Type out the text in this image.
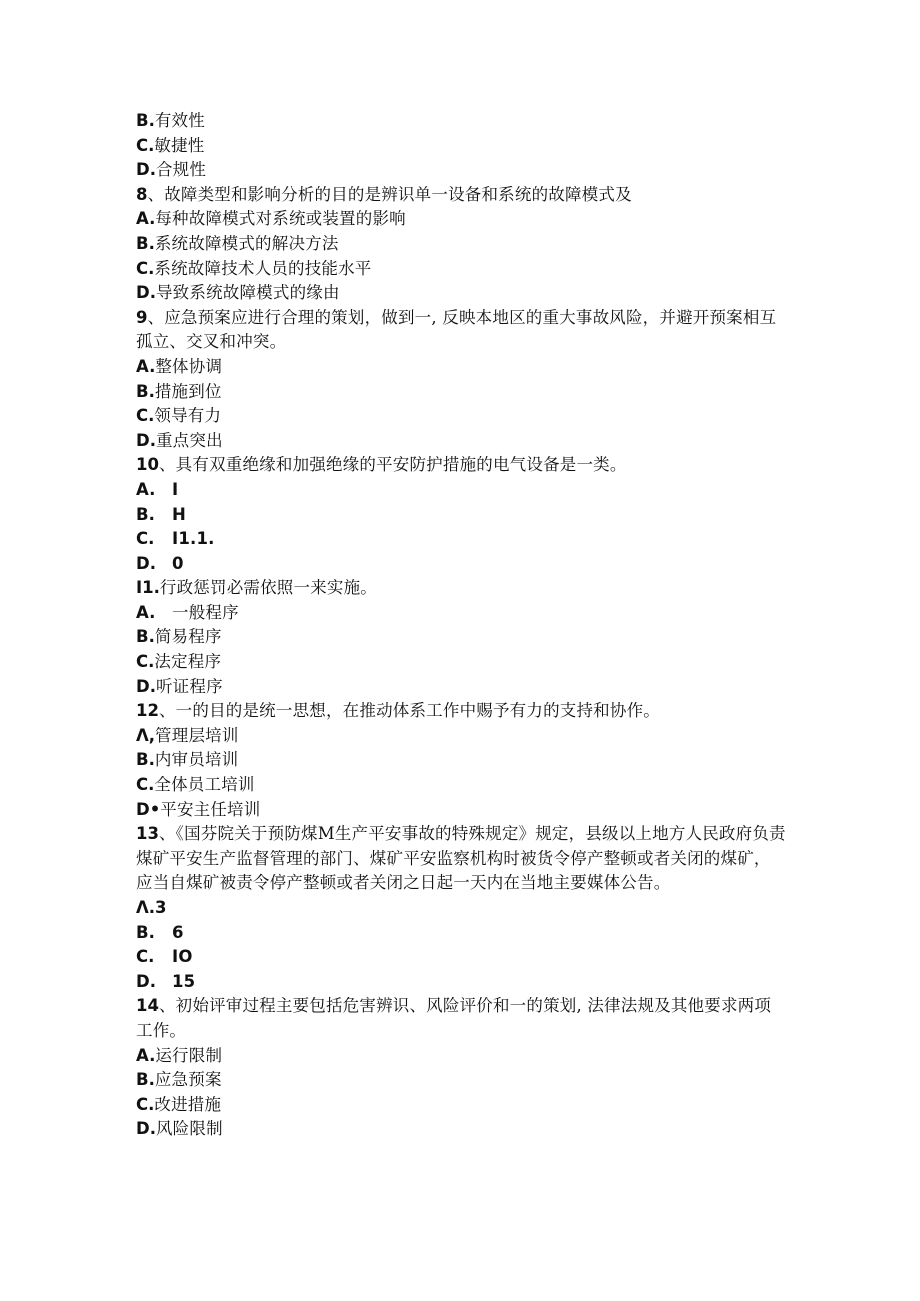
B.有效性
C.敏捷性
D.合规性
8、故障类型和影响分析的目的是辨识单一设备和系统的故障模式及
A.每种故障模式对系统或装置的影响
B.系统故障模式的解决方法
C.系统故障技术人员的技能水平
D.导致系统故障模式的缘由
9、应急预案应进行合理的策划，做到一, 反映本地区的重大事故风险，并避开预案相互孤立、交叉和冲突。
A.整体协调
B.措施到位
C.领导有力
D.重点突出
10、具有双重绝缘和加强绝缘的平安防护措施的电气设备是一类。
A. I
B. H
C. I1.1.
D. 0
I1.行政惩罚必需依照一来实施。
A. 一般程序
B.简易程序
C.法定程序
D.听证程序
12、一的目的是统一思想，在推动体系工作中赐予有力的支持和协作。
Λ,管理层培训
B.内审员培训
C.全体员工培训
D•平安主任培训
13、《国芬院关于预防煤M生产平安事故的特殊规定》规定，县级以上地方人民政府负责煤矿平安生产监督管理的部门、煤矿平安监察机构时被货令停产整顿或者关闭的煤矿，应当自煤矿被责令停产整顿或者关闭之日起一天内在当地主要媒体公告。
Λ.3
B. 6
C. IO
D. 15
14、初始评审过程主要包括危害辨识、风险评价和一的策划, 法律法规及其他要求两项工作。
A.运行限制
B.应急预案
C.改进措施
D.风险限制
